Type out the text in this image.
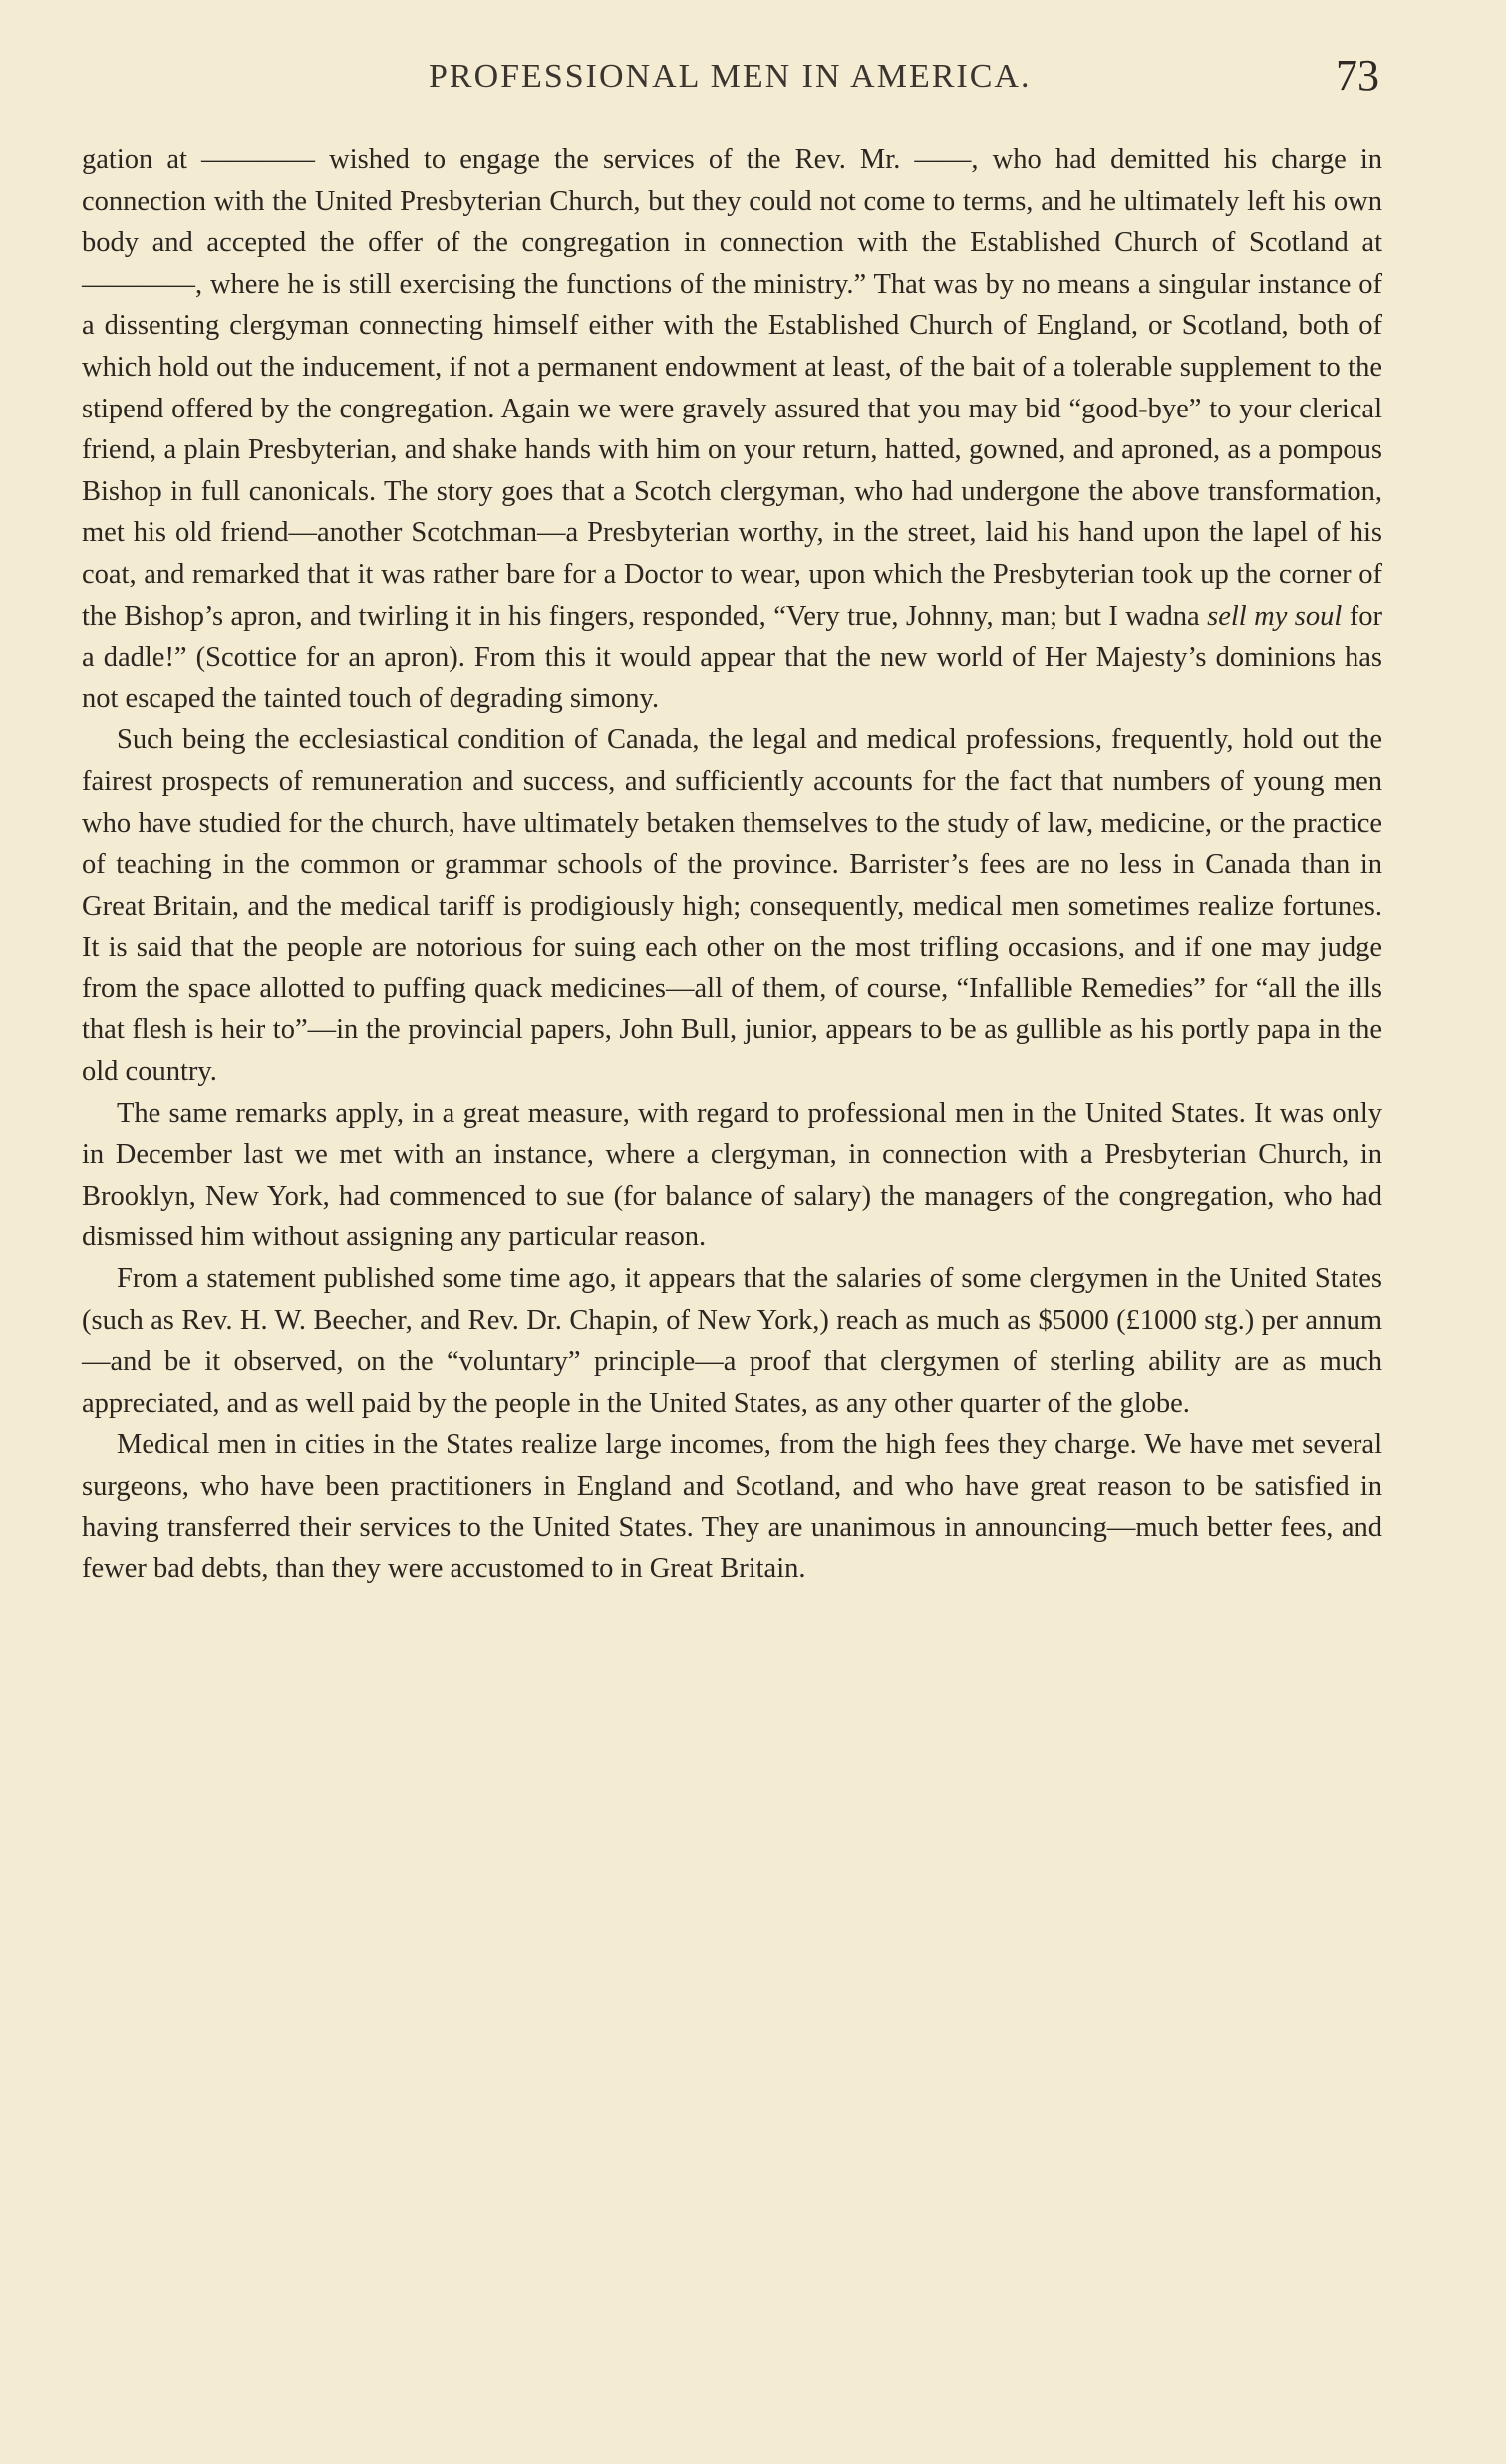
PROFESSIONAL MEN IN AMERICA.	73

gation at ———— wished to engage the services of the Rev. Mr. ——, who had demitted his charge in connection with the United Presbyterian Church, but they could not come to terms, and he ultimately left his own body and accepted the offer of the congregation in connection with the Established Church of Scotland at ————, where he is still exercising the functions of the ministry.” That was by no means a singular instance of a dissenting clergyman connecting himself either with the Established Church of England, or Scotland, both of which hold out the inducement, if not a permanent endowment at least, of the bait of a tolerable supplement to the stipend offered by the congregation. Again we were gravely assured that you may bid “good-bye” to your clerical friend, a plain Presbyterian, and shake hands with him on your return, hatted, gowned, and aproned, as a pompous Bishop in full canonicals. The story goes that a Scotch clergyman, who had undergone the above transformation, met his old friend—another Scotchman—a Presbyterian worthy, in the street, laid his hand upon the lapel of his coat, and remarked that it was rather bare for a Doctor to wear, upon which the Presbyterian took up the corner of the Bishop’s apron, and twirling it in his fingers, responded, “Very true, Johnny, man; but I wadna sell my soul for a dadle!” (Scottice for an apron). From this it would appear that the new world of Her Majesty’s dominions has not escaped the tainted touch of degrading simony.

Such being the ecclesiastical condition of Canada, the legal and medical professions, frequently, hold out the fairest prospects of remuneration and success, and sufficiently accounts for the fact that numbers of young men who have studied for the church, have ultimately betaken themselves to the study of law, medicine, or the practice of teaching in the common or grammar schools of the province. Barrister’s fees are no less in Canada than in Great Britain, and the medical tariff is prodigiously high; consequently, medical men sometimes realize fortunes. It is said that the people are notorious for suing each other on the most trifling occasions, and if one may judge from the space allotted to puffing quack medicines—all of them, of course, “Infallible Remedies” for “all the ills that flesh is heir to”—in the provincial papers, John Bull, junior, appears to be as gullible as his portly papa in the old country.

The same remarks apply, in a great measure, with regard to professional men in the United States. It was only in December last we met with an instance, where a clergyman, in connection with a Presbyterian Church, in Brooklyn, New York, had commenced to sue (for balance of salary) the managers of the congregation, who had dismissed him without assigning any particular reason.

From a statement published some time ago, it appears that the salaries of some clergymen in the United States (such as Rev. H. W. Beecher, and Rev. Dr. Chapin, of New York,) reach as much as $5000 (£1000 stg.) per annum—and be it observed, on the “voluntary” principle—a proof that clergymen of sterling ability are as much appreciated, and as well paid by the people in the United States, as any other quarter of the globe.

Medical men in cities in the States realize large incomes, from the high fees they charge. We have met several surgeons, who have been practitioners in England and Scotland, and who have great reason to be satisfied in having transferred their services to the United States. They are unanimous in announcing—much better fees, and fewer bad debts, than they were accustomed to in Great Britain.
